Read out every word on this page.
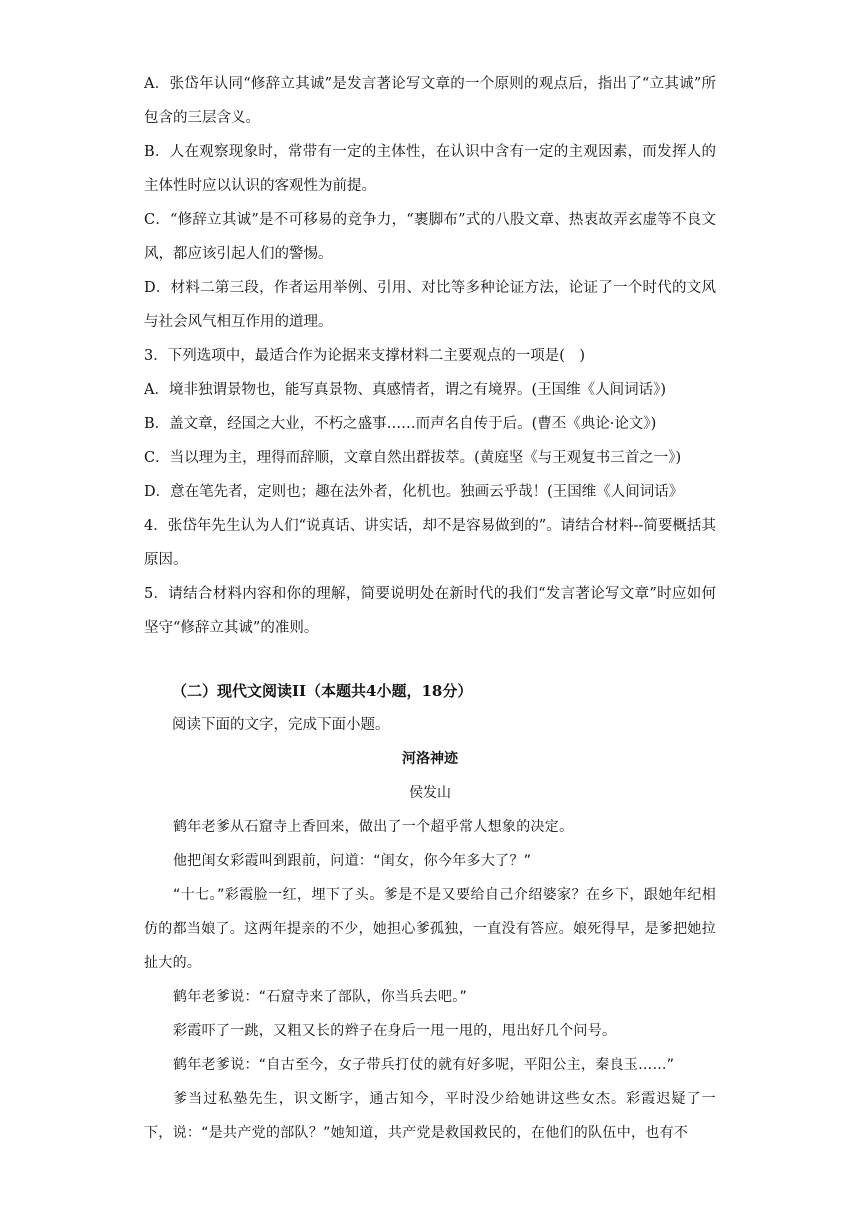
A．张岱年认同“修辞立其诚”是发言著论写文章的一个原则的观点后，指出了“立其诚”所包含的三层含义。

B．人在观察现象时，常带有一定的主体性，在认识中含有一定的主观因素，而发挥人的主体性时应以认识的客观性为前提。

C．“修辞立其诚”是不可移易的竞争力，“裹脚布”式的八股文章、热衷故弄玄虚等不良文风，都应该引起人们的警惕。

D．材料二第三段，作者运用举例、引用、对比等多种论证方法，论证了一个时代的文风与社会风气相互作用的道理。

3．下列选项中，最适合作为论据来支撑材料二主要观点的一项是(　)

A．境非独谓景物也，能写真景物、真感情者，谓之有境界。(王国维《人间词话》)

B．盖文章，经国之大业，不朽之盛事……而声名自传于后。(曹丕《典论·论文》)

C．当以理为主，理得而辞顺，文章自然出群拔萃。(黄庭坚《与王观复书三首之一》)

D．意在笔先者，定则也；趣在法外者，化机也。独画云乎哉！(王国维《人间词话》

4．张岱年先生认为人们“说真话、讲实话，却不是容易做到的”。请结合材料--简要概括其原因。

5．请结合材料内容和你的理解，简要说明处在新时代的我们“发言著论写文章”时应如何坚守“修辞立其诚”的准则。

（二）现代文阅读II（本题共4小题，18分）

阅读下面的文字，完成下面小题。

河洛神迹

侯发山

鹤年老爹从石窟寺上香回来，做出了一个超乎常人想象的决定。

他把闺女彩霞叫到跟前，问道：“闺女，你今年多大了？”

“十七。”彩霞脸一红，埋下了头。爹是不是又要给自己介绍婆家？在乡下，跟她年纪相仿的都当娘了。这两年提亲的不少，她担心爹孤独，一直没有答应。娘死得早，是爹把她拉扯大的。

鹤年老爹说：“石窟寺来了部队，你当兵去吧。”

彩霞吓了一跳，又粗又长的辫子在身后一甩一甩的，甩出好几个问号。

鹤年老爹说：“自古至今，女子带兵打仗的就有好多呢，平阳公主，秦良玉……”

爹当过私塾先生，识文断字，通古知今，平时没少给她讲这些女杰。彩霞迟疑了一下，说：“是共产党的部队？”她知道，共产党是救国救民的，在他们的队伍中，也有不
